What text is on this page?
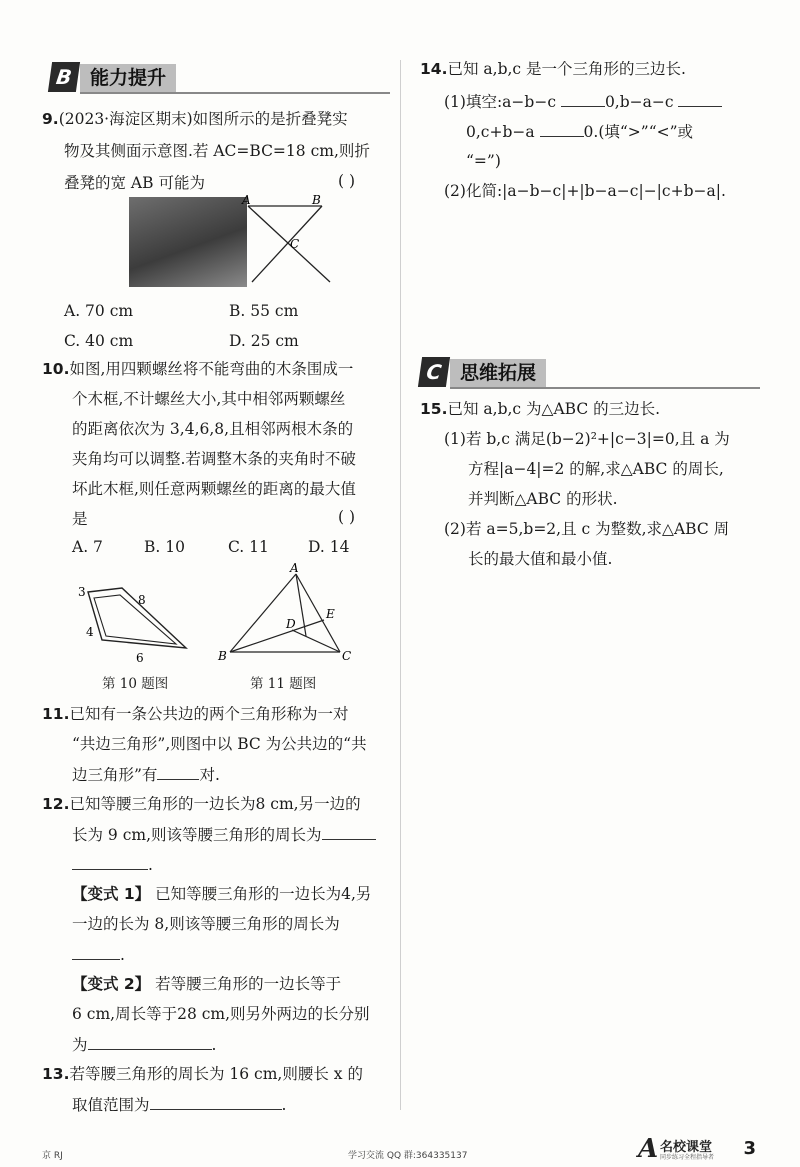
B 能力提升
9.(2023·海淀区期末)如图所示的是折叠凳实
物及其侧面示意图.若 AC=BC=18 cm,则折
叠凳的宽 AB 可能为	( )
A	B
C
A. 70 cm	B. 55 cm
C. 40 cm	D. 25 cm
10.如图,用四颗螺丝将不能弯曲的木条围成一
个木框,不计螺丝大小,其中相邻两颗螺丝
的距离依次为 3,4,6,8,且相邻两根木条的
夹角均可以调整.若调整木条的夹角时不破
坏此木框,则任意两颗螺丝的距离的最大值
是	( )
A. 7	B. 10	C. 11	D. 14
3
8
4
6
第 10 题图
A
B	C
D
E
第 11 题图
11.已知有一条公共边的两个三角形称为一对
“共边三角形”,则图中以 BC 为公共边的“共
边三角形”有	对.
12.已知等腰三角形的一边长为8 cm,另一边的
长为 9 cm,则该等腰三角形的周长为
.
【变式 1】 已知等腰三角形的一边长为4,另
一边的长为 8,则该等腰三角形的周长为
.
【变式 2】 若等腰三角形的一边长等于
6 cm,周长等于28 cm,则另外两边的长分别
为	.
13.若等腰三角形的周长为 16 cm,则腰长 x 的
取值范围为	.
14.已知 a,b,c 是一个三角形的三边长.
(1)填空:a−b−c	0,b−a−c
0,c+b−a	0.(填“>”“<”或
“=”)
(2)化简:|a−b−c|+|b−a−c|−|c+b−a|.
C 思维拓展
15.已知 a,b,c 为△ABC 的三边长.
(1)若 b,c 满足(b−2)²+|c−3|=0,且 a 为
方程|a−4|=2 的解,求△ABC 的周长,
并判断△ABC 的形状.
(2)若 a=5,b=2,且 c 为整数,求△ABC 周
长的最大值和最小值.
京 RJ	学习交流 QQ 群:364335137	A 名校课堂
同步练习全程指导者 3
